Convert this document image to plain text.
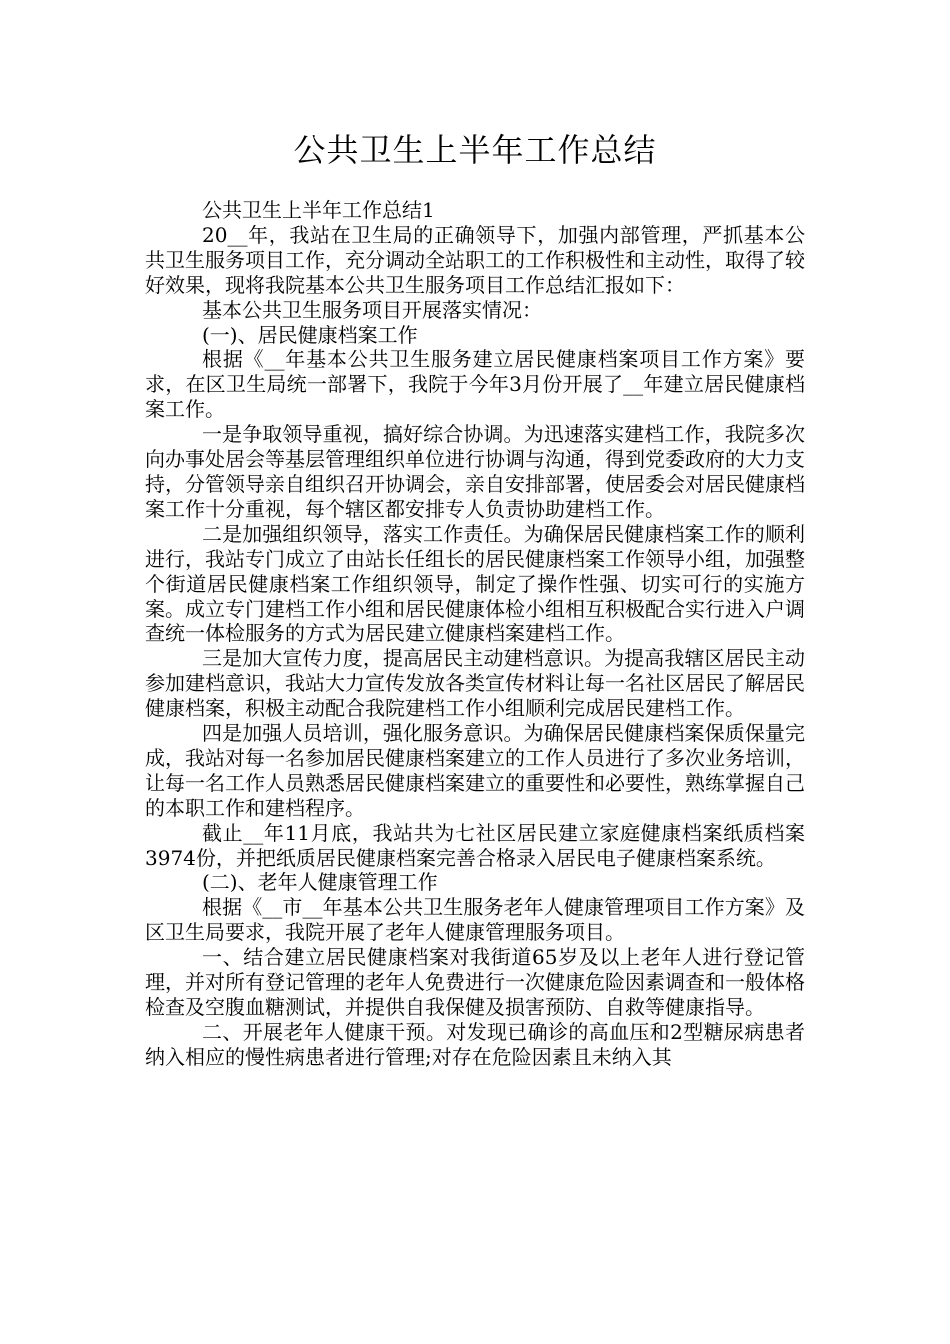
公共卫生上半年工作总结

公共卫生上半年工作总结1

20__年，我站在卫生局的正确领导下，加强内部管理，严抓基本公共卫生服务项目工作，充分调动全站职工的工作积极性和主动性，取得了较好效果，现将我院基本公共卫生服务项目工作总结汇报如下：

基本公共卫生服务项目开展落实情况：

(一)、居民健康档案工作

根据《__年基本公共卫生服务建立居民健康档案项目工作方案》要求，在区卫生局统一部署下，我院于今年3月份开展了__年建立居民健康档案工作。

一是争取领导重视，搞好综合协调。为迅速落实建档工作，我院多次向办事处居会等基层管理组织单位进行协调与沟通，得到党委政府的大力支持，分管领导亲自组织召开协调会，亲自安排部署，使居委会对居民健康档案工作十分重视，每个辖区都安排专人负责协助建档工作。

二是加强组织领导，落实工作责任。为确保居民健康档案工作的顺利进行，我站专门成立了由站长任组长的居民健康档案工作领导小组，加强整个街道居民健康档案工作组织领导，制定了操作性强、切实可行的实施方案。成立专门建档工作小组和居民健康体检小组相互积极配合实行进入户调查统一体检服务的方式为居民建立健康档案建档工作。

三是加大宣传力度，提高居民主动建档意识。为提高我辖区居民主动参加建档意识，我站大力宣传发放各类宣传材料让每一名社区居民了解居民健康档案，积极主动配合我院建档工作小组顺利完成居民建档工作。

四是加强人员培训，强化服务意识。为确保居民健康档案保质保量完成，我站对每一名参加居民健康档案建立的工作人员进行了多次业务培训，让每一名工作人员熟悉居民健康档案建立的重要性和必要性，熟练掌握自己的本职工作和建档程序。

截止__年11月底，我站共为七社区居民建立家庭健康档案纸质档案3974份，并把纸质居民健康档案完善合格录入居民电子健康档案系统。

(二)、老年人健康管理工作

根据《__市__年基本公共卫生服务老年人健康管理项目工作方案》及区卫生局要求，我院开展了老年人健康管理服务项目。

一、结合建立居民健康档案对我街道65岁及以上老年人进行登记管理，并对所有登记管理的老年人免费进行一次健康危险因素调查和一般体格检查及空腹血糖测试，并提供自我保健及损害预防、自救等健康指导。

二、开展老年人健康干预。对发现已确诊的高血压和2型糖尿病患者纳入相应的慢性病患者进行管理;对存在危险因素且未纳入其
